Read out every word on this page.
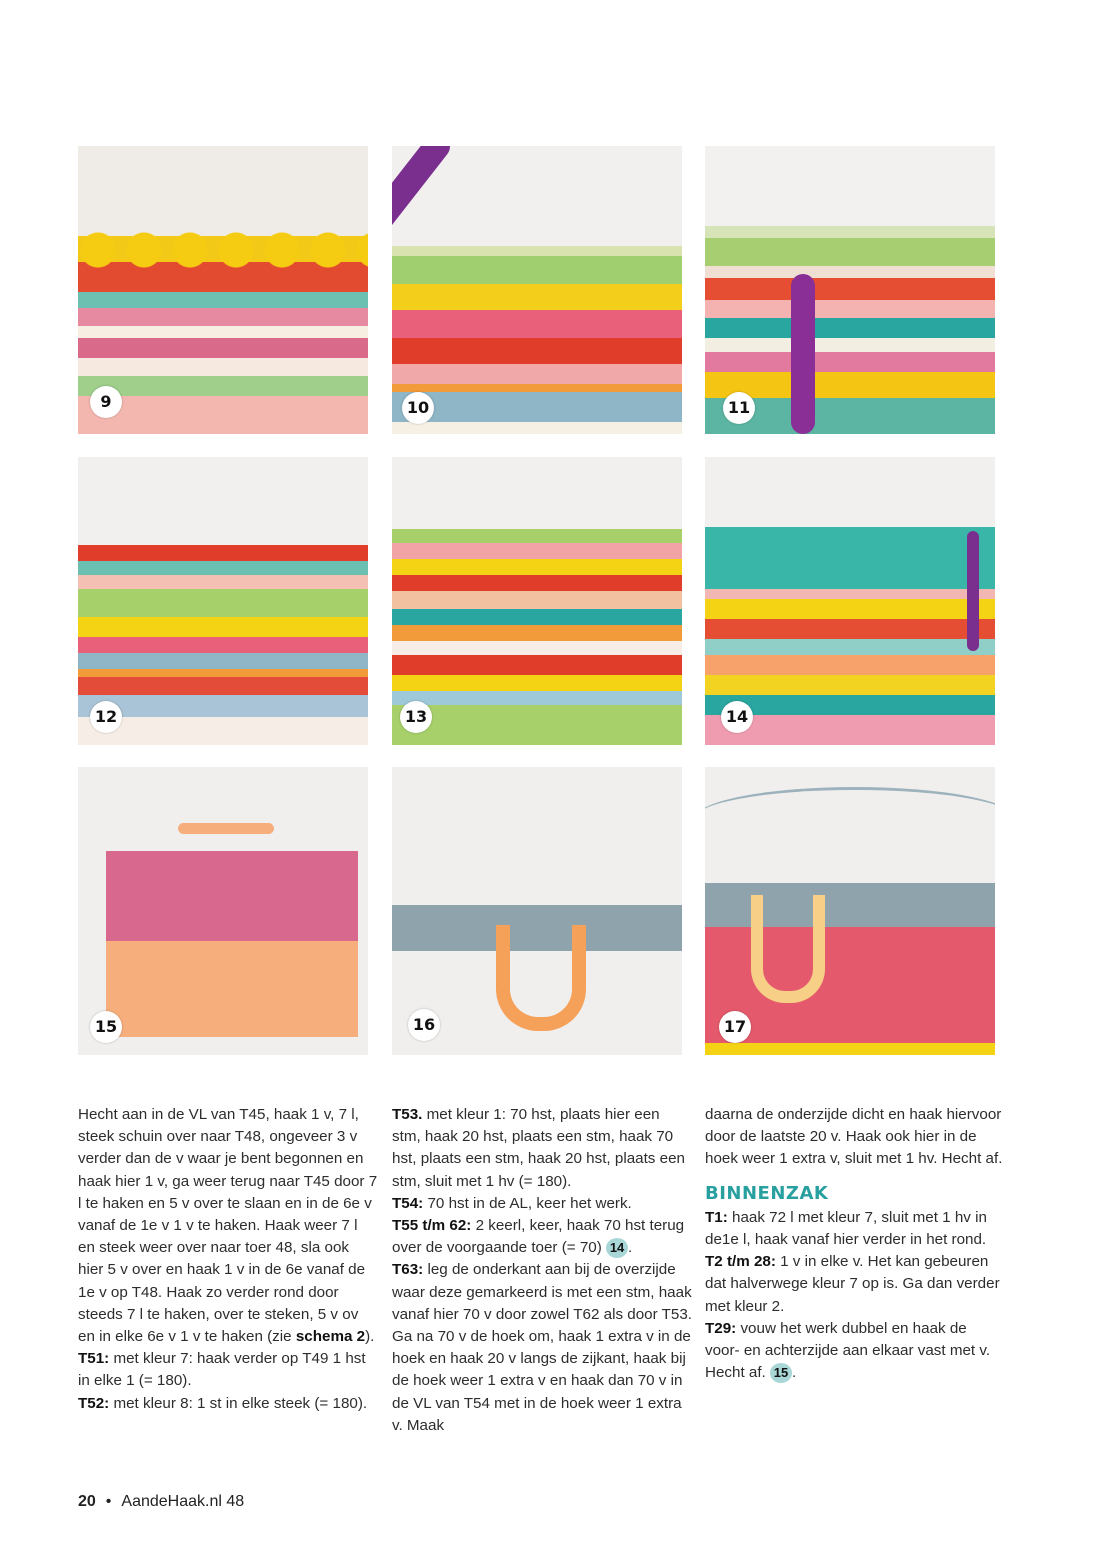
9	10	11
12	13	14
15	16	17

Hecht aan in de VL van T45, haak 1 v, 7 l, steek schuin over naar T48, ongeveer 3 v verder dan de v waar je bent begonnen en haak hier 1 v, ga weer terug naar T45 door 7 l te haken en 5 v over te slaan en in de 6e v vanaf de 1e v 1 v te haken. Haak weer 7 l en steek weer over naar toer 48, sla ook hier 5 v over en haak 1 v in de 6e vanaf de 1e v op T48. Haak zo verder rond door steeds 7 l te haken, over te steken, 5 v ov en in elke 6e v 1 v te haken (zie schema 2).

T51: met kleur 7: haak verder op T49 1 hst in elke 1 (= 180).

T52: met kleur 8: 1 st in elke steek (= 180).

T53. met kleur 1: 70 hst, plaats hier een stm, haak 20 hst, plaats een stm, haak 70 hst, plaats een stm, haak 20 hst, plaats een stm, sluit met 1 hv (= 180).

T54: 70 hst in de AL, keer het werk.

T55 t/m 62: 2 keerl, keer, haak 70 hst terug over de voorgaande toer (= 70) 14 .

T63: leg de onderkant aan bij de overzijde waar deze gemarkeerd is met een stm, haak vanaf hier 70 v door zowel T62 als door T53. Ga na 70 v de hoek om, haak 1 extra v in de hoek en haak 20 v langs de zijkant, haak bij de hoek weer 1 extra v en haak dan 70 v in de VL van T54 met in de hoek weer 1 extra v. Maak

daarna de onderzijde dicht en haak hiervoor door de laatste 20 v. Haak ook hier in de hoek weer 1 extra v, sluit met 1 hv. Hecht af.

BINNENZAK

T1: haak 72 l met kleur 7, sluit met 1 hv in de1e l, haak vanaf hier verder in het rond.

T2 t/m 28: 1 v in elke v. Het kan gebeuren dat halverwege kleur 7 op is. Ga dan verder met kleur 2.

T29: vouw het werk dubbel en haak de voor- en achterzijde aan elkaar vast met v. Hecht af. 15 .

20 • AandeHaak.nl 48
